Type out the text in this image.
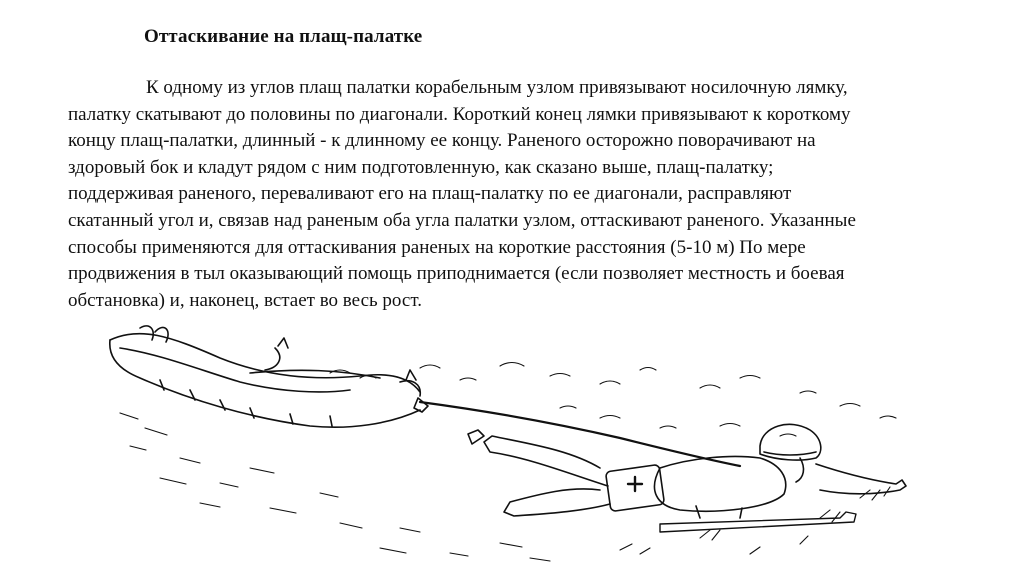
Оттаскивание на плащ-палатке

К одному из углов плащ палатки корабельным узлом привязывают носилочную лямку,
палатку скатывают до половины по диагонали. Короткий конец лямки привязывают к короткому
концу плащ-палатки, длинный - к длинному ее концу. Раненого осторожно поворачивают на
здоровый бок и кладут рядом с ним подготовленную, как сказано выше, плащ-палатку;
поддерживая раненого, переваливают его на плащ-палатку по ее диагонали, расправляют
скатанный угол и, связав над раненым оба угла палатки узлом, оттаскивают раненого. Указанные
способы применяются для оттаскивания раненых на короткие расстояния (5-10 м) По мере
продвижения в тыл оказывающий помощь приподнимается (если позволяет местность и боевая
обстановка) и, наконец, встает во весь рост.
